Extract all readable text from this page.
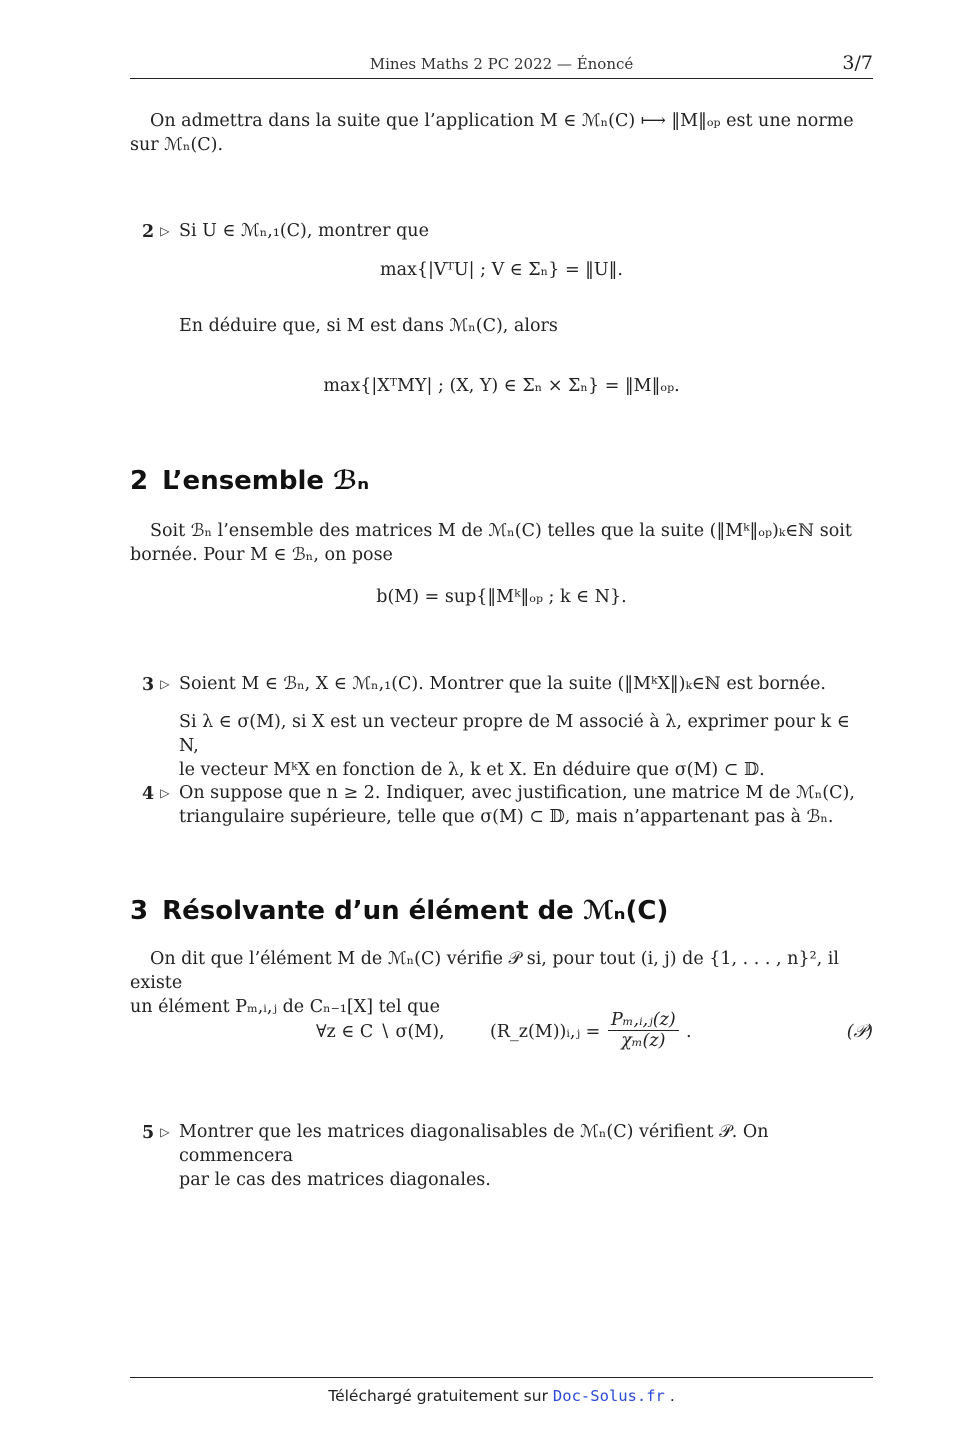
Mines Maths 2 PC 2022 — Énoncé	3/7
On admettra dans la suite que l’application M ∈ ℳₙ(C) ⟼ ‖M‖ₒₚ est une norme
sur ℳₙ(C).
2 ▷ Si U ∈ ℳₙ,₁(C), montrer que
max{|VᵀU| ; V ∈ Σₙ} = ‖U‖.
En déduire que, si M est dans ℳₙ(C), alors
max{|XᵀMY| ; (X, Y) ∈ Σₙ × Σₙ} = ‖M‖ₒₚ.
2 L’ensemble ℬₙ
Soit ℬₙ l’ensemble des matrices M de ℳₙ(C) telles que la suite (‖Mᵏ‖ₒₚ)ₖ∈ℕ soit
bornée. Pour M ∈ ℬₙ, on pose
b(M) = sup{‖Mᵏ‖ₒₚ ; k ∈ N}.
3 ▷ Soient M ∈ ℬₙ, X ∈ ℳₙ,₁(C). Montrer que la suite (‖MᵏX‖)ₖ∈ℕ est bornée.
Si λ ∈ σ(M), si X est un vecteur propre de M associé à λ, exprimer pour k ∈ N,
le vecteur MᵏX en fonction de λ, k et X. En déduire que σ(M) ⊂ 𝔻.
4 ▷ On suppose que n ≥ 2. Indiquer, avec justification, une matrice M de ℳₙ(C),
triangulaire supérieure, telle que σ(M) ⊂ 𝔻, mais n’appartenant pas à ℬₙ.
3 Résolvante d’un élément de ℳₙ(C)
On dit que l’élément M de ℳₙ(C) vérifie 𝒫 si, pour tout (i, j) de {1, . . . , n}², il existe
un élément Pₘ,ᵢ,ⱼ de Cₙ₋₁[X] tel que
∀z ∈ C ∖ σ(M),	(R_z(M))ᵢ,ⱼ = $\frac{\text{Pₘ,ᵢ,ⱼ(z)}}{\text{χₘ(z)}}$ .	(𝒫)
5 ▷ Montrer que les matrices diagonalisables de ℳₙ(C) vérifient 𝒫. On commencera
par le cas des matrices diagonales.
Téléchargé gratuitement sur Doc-Solus.fr .
